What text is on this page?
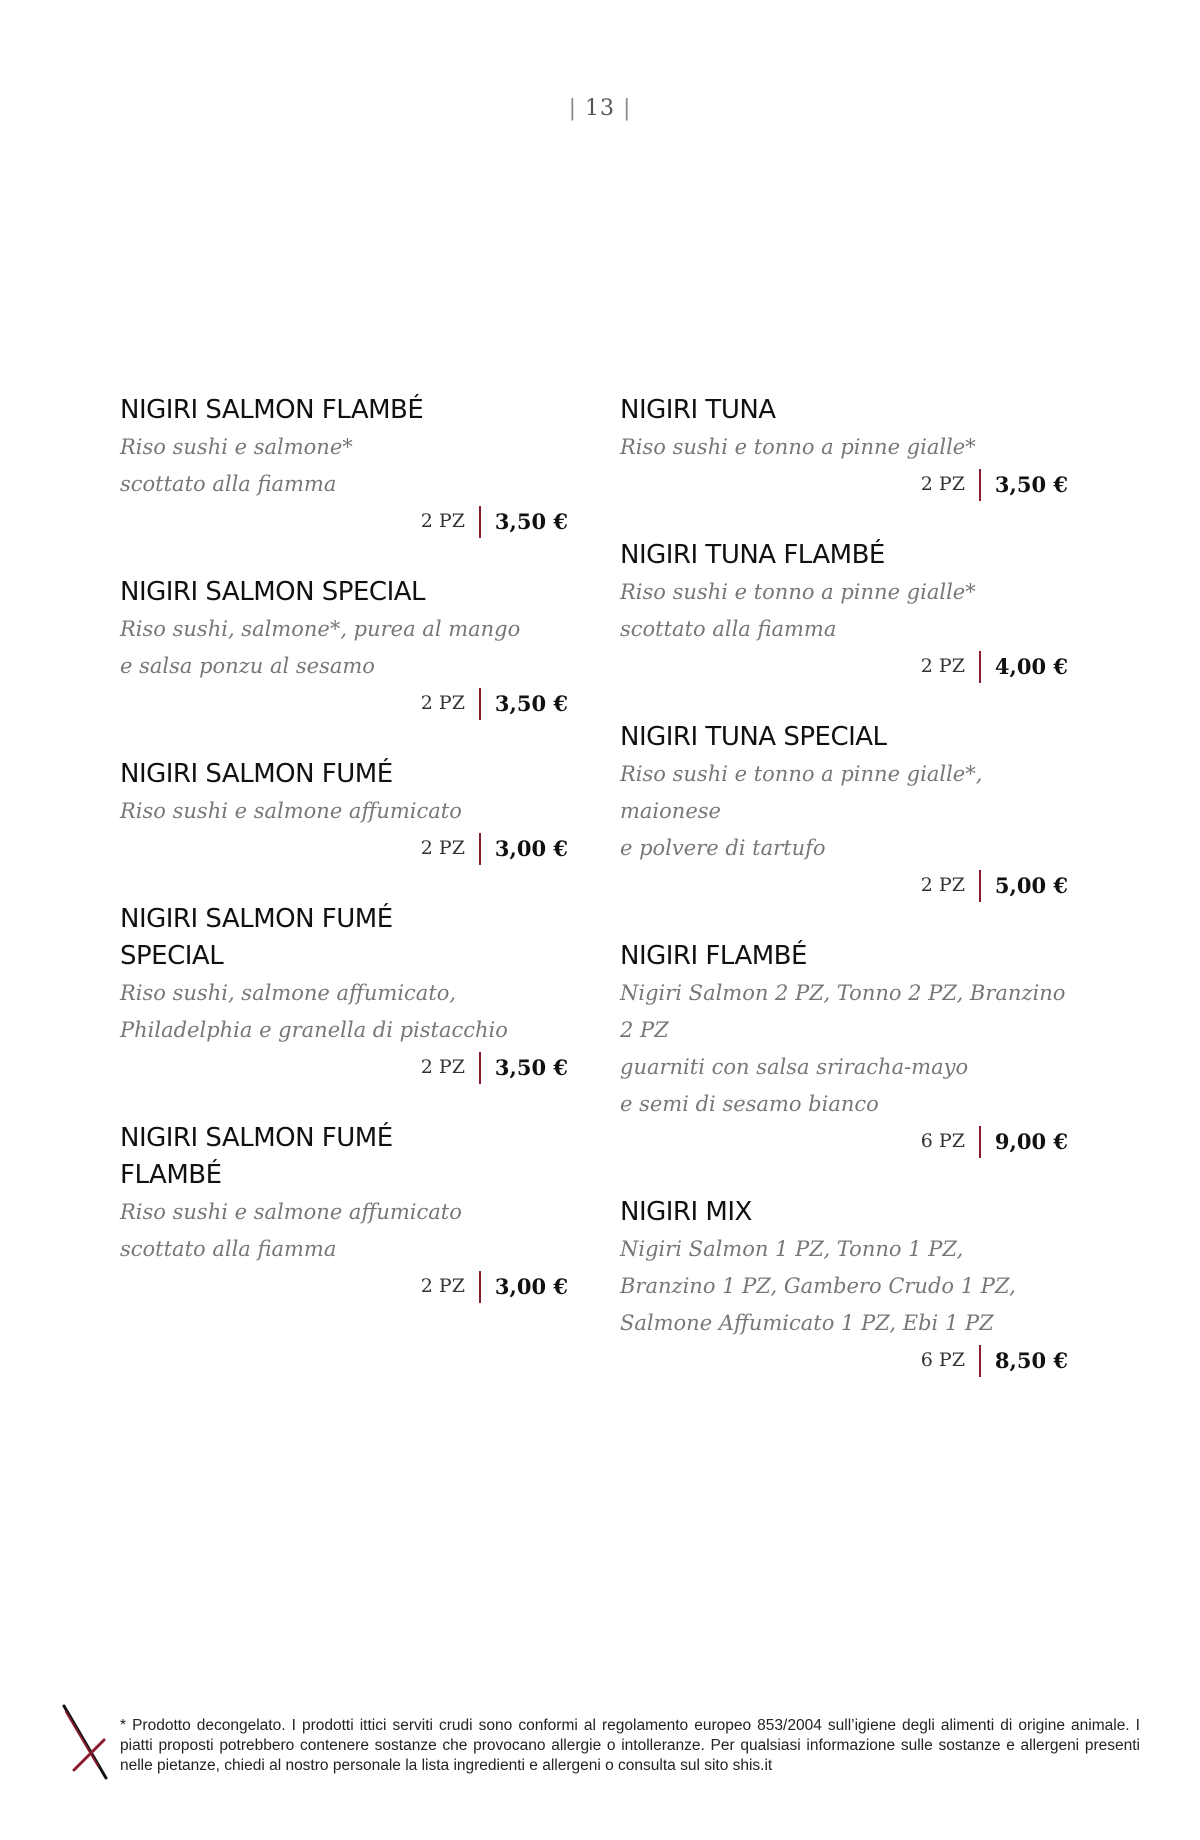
| 13 |
NIGIRI SALMON FLAMBÉ
Riso sushi e salmone*
scottato alla fiamma
2 PZ 3,50 €
NIGIRI SALMON SPECIAL
Riso sushi, salmone*, purea al mango
e salsa ponzu al sesamo
2 PZ 3,50 €
NIGIRI SALMON FUMÉ
Riso sushi e salmone affumicato
2 PZ 3,00 €
NIGIRI SALMON FUMÉ
SPECIAL
Riso sushi, salmone affumicato,
Philadelphia e granella di pistacchio
2 PZ 3,50 €
NIGIRI SALMON FUMÉ
FLAMBÉ
Riso sushi e salmone affumicato
scottato alla fiamma
2 PZ 3,00 €
NIGIRI TUNA
Riso sushi e tonno a pinne gialle*
2 PZ 3,50 €
NIGIRI TUNA FLAMBÉ
Riso sushi e tonno a pinne gialle*
scottato alla fiamma
2 PZ 4,00 €
NIGIRI TUNA SPECIAL
Riso sushi e tonno a pinne gialle*, maionese
e polvere di tartufo
2 PZ 5,00 €
NIGIRI FLAMBÉ
Nigiri Salmon 2 PZ, Tonno 2 PZ, Branzino 2 PZ
guarniti con salsa sriracha-mayo
e semi di sesamo bianco
6 PZ 9,00 €
NIGIRI MIX
Nigiri Salmon 1 PZ, Tonno 1 PZ,
Branzino 1 PZ, Gambero Crudo 1 PZ,
Salmone Affumicato 1 PZ, Ebi 1 PZ
6 PZ 8,50 €
* Prodotto decongelato. I prodotti ittici serviti crudi sono conformi al regolamento europeo 853/2004 sull’igiene degli alimenti di origine animale. I piatti proposti potrebbero contenere sostanze che provocano allergie o intolleranze. Per qualsiasi informazione sulle sostanze e allergeni presenti nelle pietanze, chiedi al nostro personale la lista ingredienti e allergeni o consulta sul sito shis.it
